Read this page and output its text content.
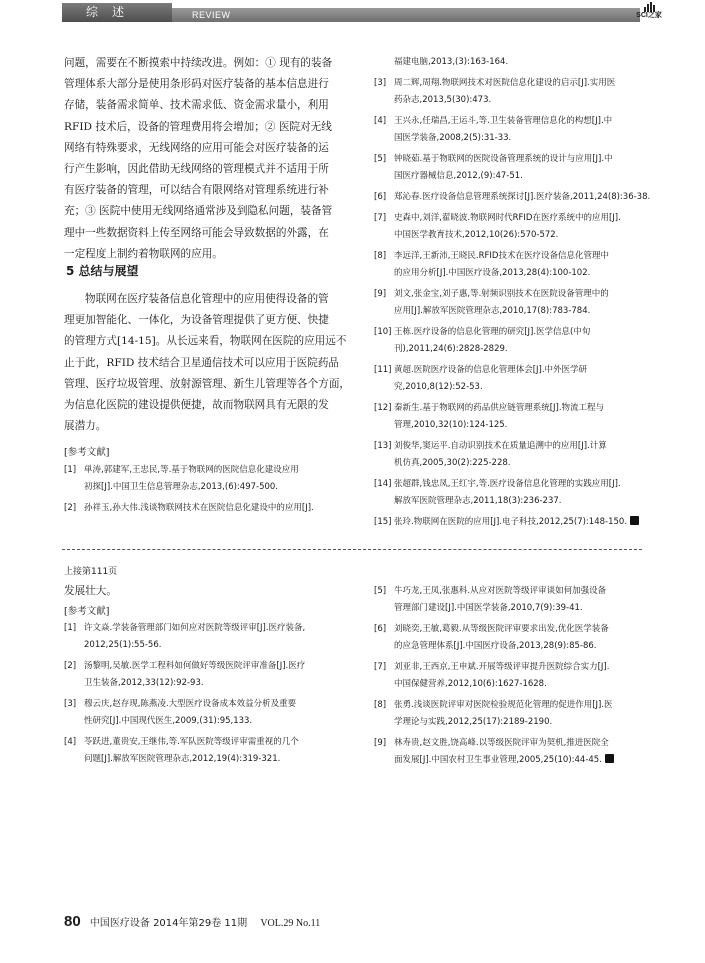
综述	REVIEW	SCI之家
问题，需要在不断摸索中持续改进。例如：① 现有的装备
管理体系大部分是使用条形码对医疗装备的基本信息进行
存储，装备需求简单、技术需求低、资金需求量小，利用
RFID 技术后，设备的管理费用将会增加；② 医院对无线
网络有特殊要求，无线网络的应用可能会对医疗装备的运
行产生影响，因此借助无线网络的管理模式并不适用于所
有医疗装备的管理，可以结合有限网络对管理系统进行补
充；③ 医院中使用无线网络通常涉及到隐私问题，装备管
理中一些数据资料上传至网络可能会导致数据的外露，在
一定程度上制约着物联网的应用。
5 总结与展望
物联网在医疗装备信息化管理中的应用使得设备的管
理更加智能化、一体化，为设备管理提供了更方便、快捷
的管理方式[14-15]。从长远来看，物联网在医院的应用远不
止于此，RFID 技术结合卫星通信技术可以应用于医院药品
管理、医疗垃圾管理、放射源管理、新生儿管理等各个方面，
为信息化医院的建设提供便捷，故而物联网具有无限的发
展潜力。
[参考文献]
[1] 単涛,郭建军,王忠民,等.基于物联网的医院信息化建设应用
初探[J].中国卫生信息管理杂志,2013,(6):497-500.
[2] 孙祥玉,孙大伟.浅谈物联网技术在医院信息化建设中的应用[J].
福建电脑,2013,(3):163-164.
[3] 周二辉,周翔.物联网技术对医院信息化建设的启示[J].实用医
药杂志,2013,5(30):473.
[4] 王兴永,任瑞昌,王运斗,等.卫生装备管理信息化的构想[J].中
国医学装备,2008,2(5):31-33.
[5] 钟晓茹.基于物联网的医院设备管理系统的设计与应用[J].中
国医疗器械信息,2012,(9):47-51.
[6] 郑沁春.医疗设备信息管理系统探讨[J].医疗装备,2011,24(8):36-38.
[7] 史森中,刘洋,翟晓波.物联网时代RFID在医疗系统中的应用[J].
中国医学教育技术,2012,10(26):570-572.
[8] 李远洋,王新沛,王晓民.RFID技术在医疗设备信息化管理中
的应用分析[J].中国医疗设备,2013,28(4):100-102.
[9] 刘文,张金宝,刘子惠,等.射频识别技术在医院设备管理中的
应用[J].解放军医院管理杂志,2010,17(8):783-784.
[10] 王栋.医疗设备的信息化管理的研究[J].医学信息(中旬
刊),2011,24(6):2828-2829.
[11] 黄超.医院医疗设备的信息化管理体会[J].中外医学研
究,2010,8(12):52-53.
[12] 秦新生.基于物联网的药品供应链管理系统[J].物流工程与
管理,2010,32(10):124-125.
[13] 刘俊华,窦运平.自动识别技术在质量追溯中的应用[J].计算
机仿真,2005,30(2):225-228.
[14] 张超群,钱忠凤,王红宇,等.医疗设备信息化管理的实践应用[J].
解放军医院管理杂志,2011,18(3):236-237.
[15] 张玲.物联网在医院的应用[J].电子科技,2012,25(7):148-150.
上接第111页
发展壮大。
[参考文献]
[1] 许文焱.学装备管理部门如何应对医院等级评审[J].医疗装备,
2012,25(1):55-56.
[2] 汤黎明,吴敏.医学工程科如何做好等级医院评审准备[J].医疗
卫生装备,2012,33(12):92-93.
[3] 穆云庆,赵存现,陈燕凌.大型医疗设备成本效益分析及重要
性研究[J].中国现代医生,2009,(31):95,133.
[4] 苓跃进,董贵安,王继伟,等.军队医院等级评审需重视的几个
问题[J].解放军医院管理杂志,2012,19(4):319-321.
[5] 牛巧龙,王凤,张惠科.从应对医院等级评审谈如何加强设备
管理部门建设[J].中国医学装备,2010,7(9):39-41.
[6] 刘晓奕,王敏,葛毅.从等级医院评审要求出发,优化医学装备
的应急管理体系[J].中国医疗设备,2013,28(9):85-86.
[7] 刘亚非,王西京,王申斌.开展等级评审提升医院综合实力[J].
中国保健营养,2012,10(6):1627-1628.
[8] 张勇.浅谈医院评审对医院检验规范化管理的促进作用[J].医
学理论与实践,2012,25(17):2189-2190.
[9] 林寿贵,赵文胜,饶高峰.以等级医院评审为契机,推进医院全
面发展[J].中国农村卫生事业管理,2005,25(10):44-45.
80 中国医疗设备 2014年第29卷 11期 VOL.29 No.11
